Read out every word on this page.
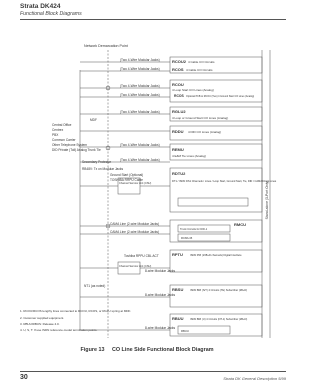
Strata DK424
Functional Block Diagrams
Stand-alone (3-Port Only)
Network Demarcation Point
MDF
Central Office
Centrex
PBX
Common Carrier
Other Telephone System
DID Private (Toll) Analog Trunk Tie
(Two 4-Wire Modular Jacks)
(Two 4-Wire Modular Jacks)
(Two 4-Wire Modular Jacks)
(Two 4-Wire Modular Jacks)
(Two 4-Wire Modular Jacks)
(Two 4-Wire Modular Jacks)
(Two 4-Wire Modular Jacks)
Secondary Protector
RB48V: Tx on Modular Jacks
CAMA Line (2-wire Modular Jacks)
CAMA Line (2-wire Modular Jacks)
8-wire Modular Jacks
8-wire Modular Jacks
8-wire Modular Jacks
Ground Start (Optional)
TOSHIBA RRPU Cable
Channel Service Unit (CSU)
Toshiba RPPU CBL ACT
Channel Service Unit (CSU)
NT1 (as noted)
RCOU2 4 Cable CO Circuits
RCOS 4 Cable CO Circuits
RCOU
4 Loop Start CO Lines (Analog)
RCOS Optional PCB to RCOU (Two) 4 Ground Start CO Lines (Analog)
RGLU2
4 Loop or Ground Start CO Lines (Analog)
RDDU 4 DID CO Lines (Analog)
REMU
4 E&M Tie Lines (Analog)
RDTU2
DT1 / ISDN DS1 Channels / Lines / Loop Start, Ground Start, Tie, DID / CAMA Direct Lines
RMCU
Trunk Circuits for DID-1
RPTU	ISDN PRI (23B+D channels) Digital Interface
RBSU	ISDN BRI (S/T) 4 Circuits (TE) Subscriber (2B+D)
RBUU ISDN BRI (U) 4 Circuits (NT-1) Subscriber (2B+D)
RCMU-B
RBUU
1. RCOU/RCOS lengthy lines connected to RCOU, RCOS, or RGLU spring at MDF.
2. Customer supplied equipment.
3. RBUU/RBUS: Release 4.0.
4. U, S, T: If use ISDN reference-model termination points.
Figure 13 CO Line Side Functional Block Diagram
30	Strata DK General Description 5/99
